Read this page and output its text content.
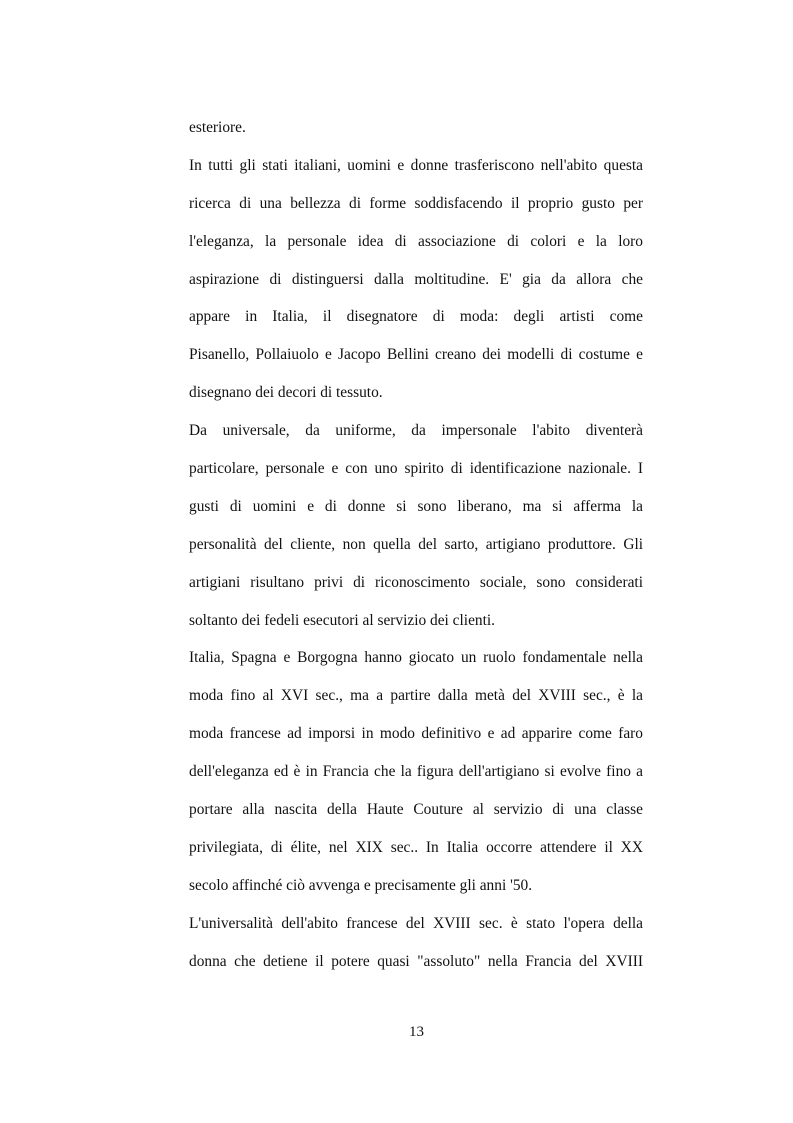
esteriore.
In tutti gli stati italiani, uomini e donne trasferiscono nell'abito questa
ricerca di una bellezza di forme soddisfacendo il proprio gusto per
l'eleganza, la personale idea di associazione di colori e la loro
aspirazione di distinguersi dalla moltitudine. E' gia da allora che
appare in Italia, il disegnatore di moda: degli artisti come
Pisanello, Pollaiuolo e Jacopo Bellini creano dei modelli di costume e
disegnano dei decori di tessuto.
Da universale, da uniforme, da impersonale l'abito diventerà
particolare, personale e con uno spirito di identificazione nazionale. I
gusti di uomini e di donne si sono liberano, ma si afferma la
personalità del cliente, non quella del sarto, artigiano produttore. Gli
artigiani risultano privi di riconoscimento sociale, sono considerati
soltanto dei fedeli esecutori al servizio dei clienti.
Italia, Spagna e Borgogna hanno giocato un ruolo fondamentale nella
moda fino al XVI sec., ma a partire dalla metà del XVIII sec., è la
moda francese ad imporsi in modo definitivo e ad apparire come faro
dell'eleganza ed è in Francia che la figura dell'artigiano si evolve fino a
portare alla nascita della Haute Couture al servizio di una classe
privilegiata, di élite, nel XIX sec.. In Italia occorre attendere il XX
secolo affinché ciò avvenga e precisamente gli anni '50.
L'universalità dell'abito francese del XVIII sec. è stato l'opera della
donna che detiene il potere quasi "assoluto" nella Francia del XVIII
13
